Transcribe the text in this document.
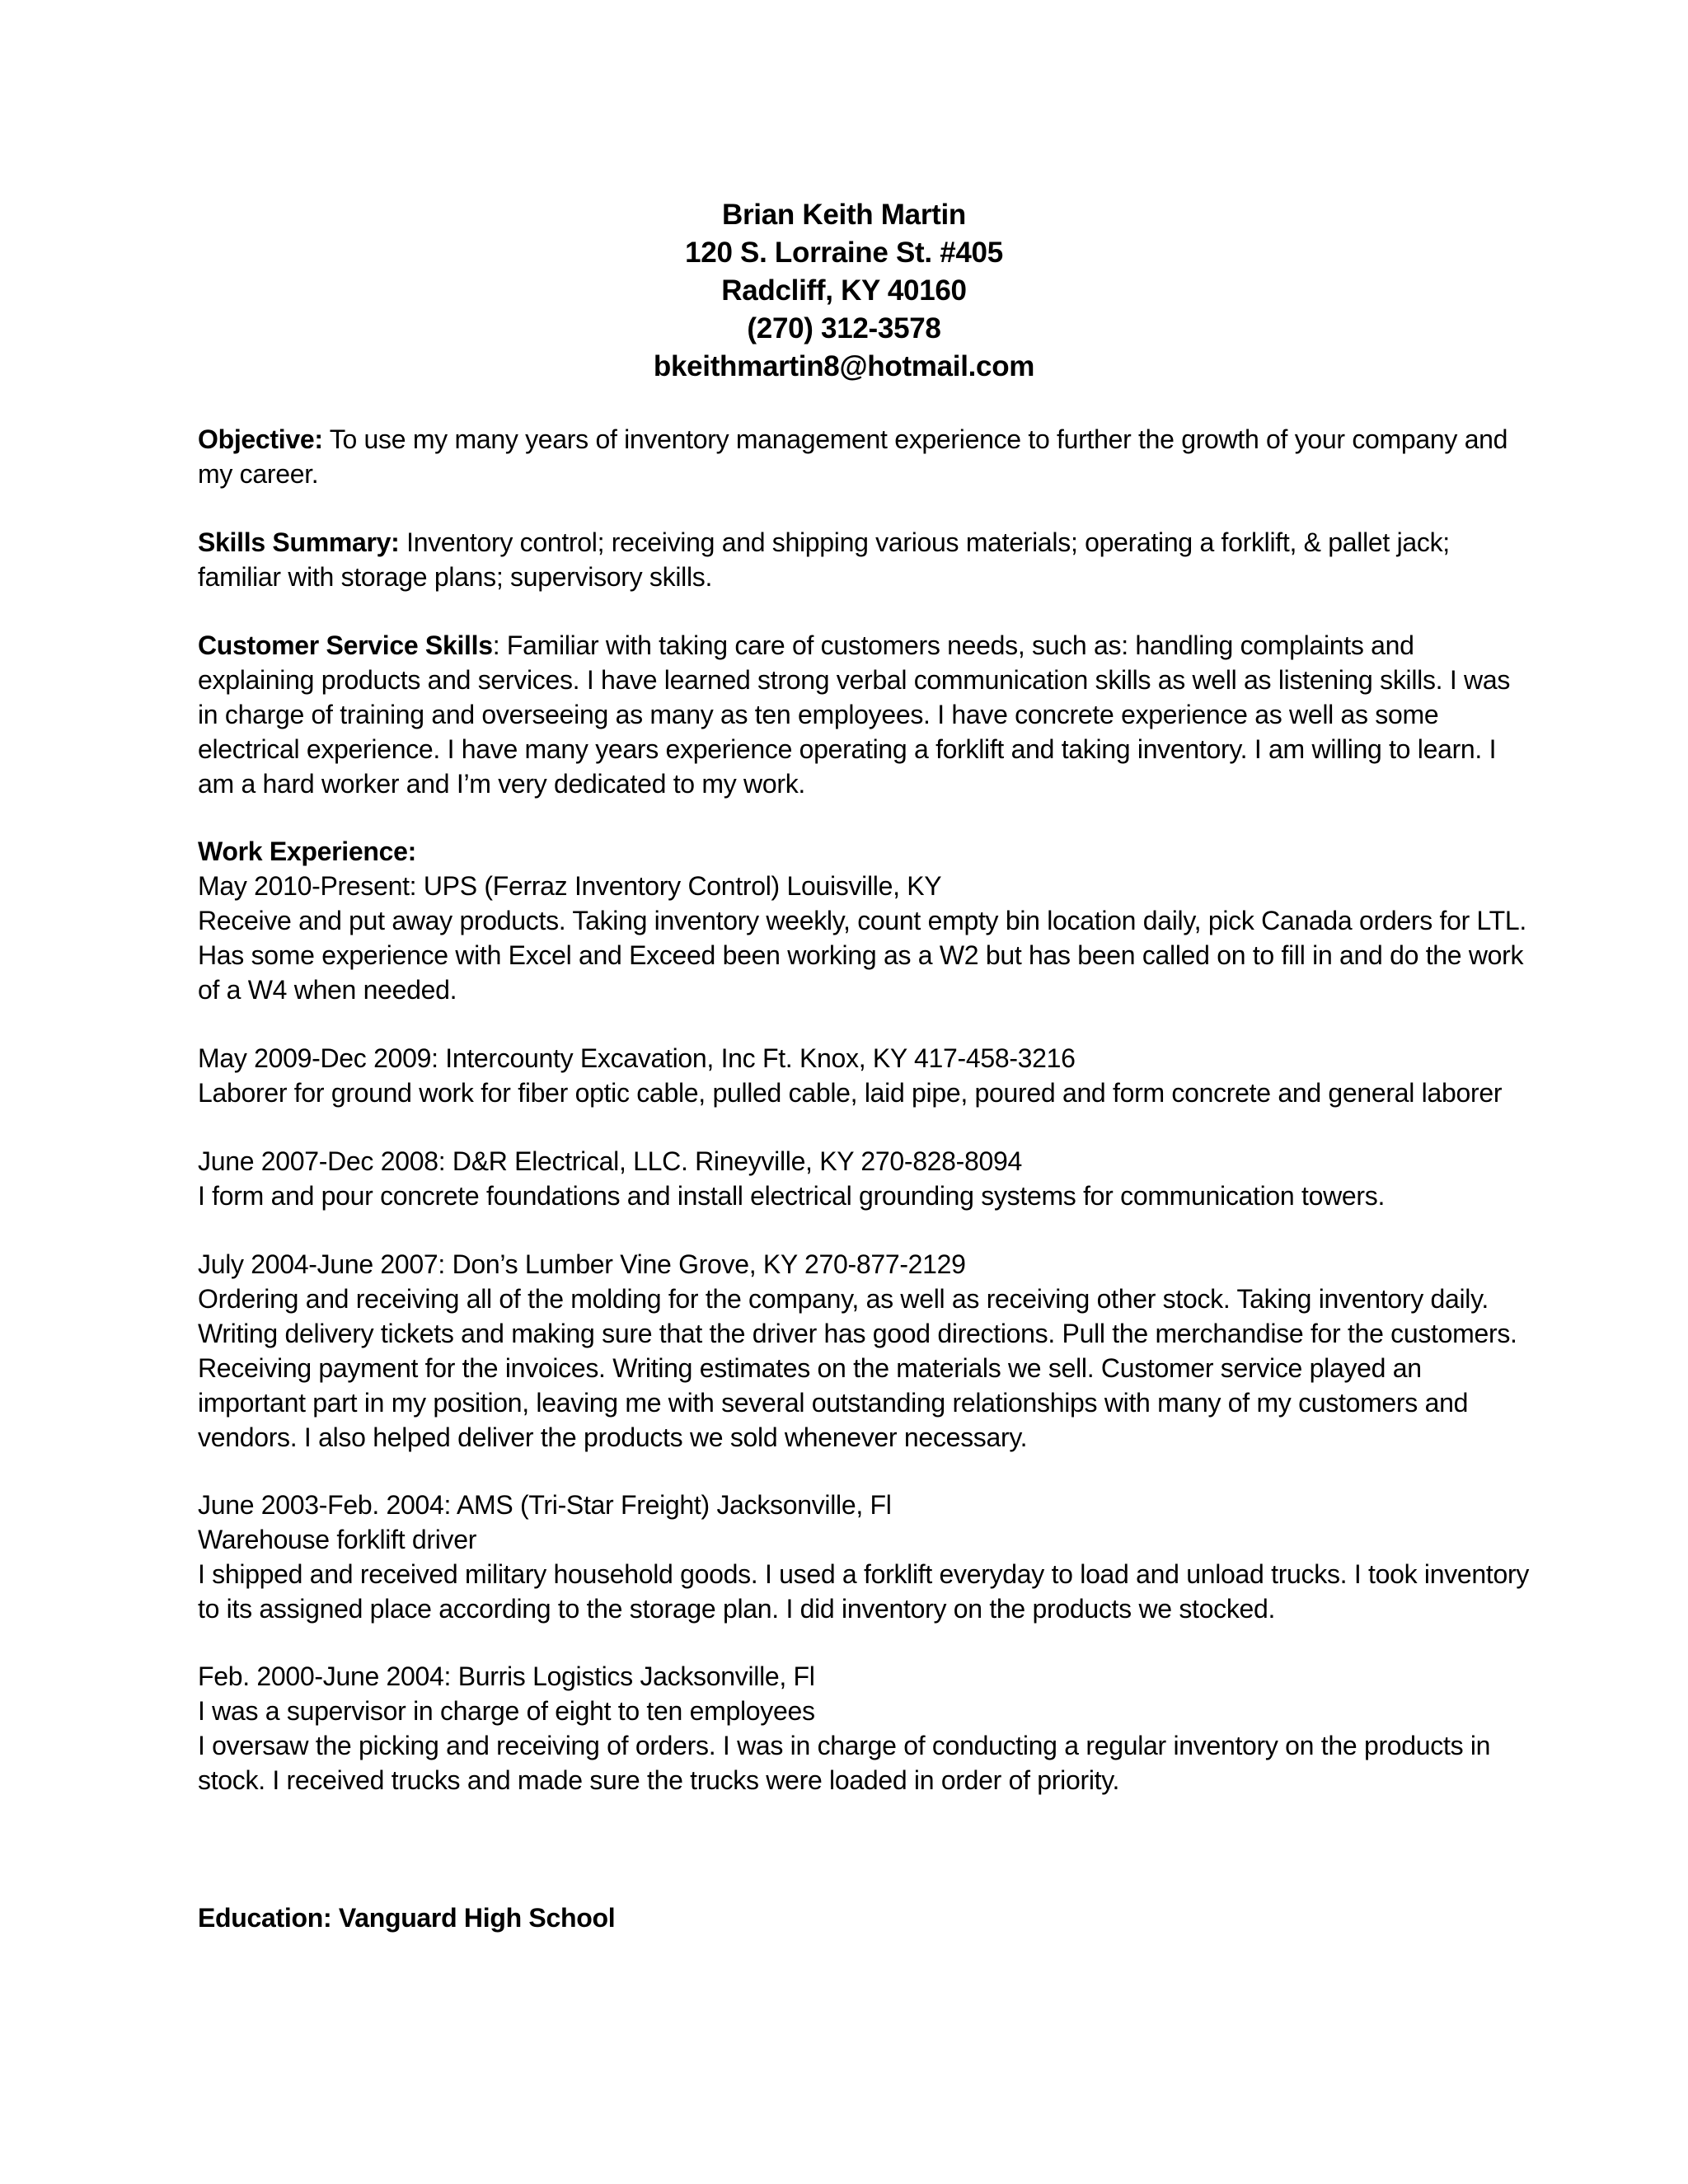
Brian Keith Martin
120 S. Lorraine St. #405
Radcliff, KY 40160
(270) 312-3578
bkeithmartin8@hotmail.com
Objective: To use my many years of inventory management experience to further the growth of your company and
my career.
Skills Summary: Inventory control; receiving and shipping various materials; operating a forklift, & pallet jack;
familiar with storage plans; supervisory skills.
Customer Service Skills: Familiar with taking care of customers needs, such as: handling complaints and
explaining products and services. I have learned strong verbal communication skills as well as listening skills. I was
in charge of training and overseeing as many as ten employees. I have concrete experience as well as some
electrical experience. I have many years experience operating a forklift and taking inventory. I am willing to learn. I
am a hard worker and I’m very dedicated to my work.
Work Experience:
May 2010-Present: UPS (Ferraz Inventory Control) Louisville, KY
Receive and put away products. Taking inventory weekly, count empty bin location daily, pick Canada orders for LTL.
Has some experience with Excel and Exceed been working as a W2 but has been called on to fill in and do the work
of a W4 when needed.
May 2009-Dec 2009: Intercounty Excavation, Inc Ft. Knox, KY 417-458-3216
Laborer for ground work for fiber optic cable, pulled cable, laid pipe, poured and form concrete and general laborer
June 2007-Dec 2008: D&R Electrical, LLC. Rineyville, KY 270-828-8094
I form and pour concrete foundations and install electrical grounding systems for communication towers.
July 2004-June 2007: Don’s Lumber Vine Grove, KY 270-877-2129
Ordering and receiving all of the molding for the company, as well as receiving other stock. Taking inventory daily.
Writing delivery tickets and making sure that the driver has good directions. Pull the merchandise for the customers.
Receiving payment for the invoices. Writing estimates on the materials we sell. Customer service played an
important part in my position, leaving me with several outstanding relationships with many of my customers and
vendors. I also helped deliver the products we sold whenever necessary.
June 2003-Feb. 2004: AMS (Tri-Star Freight) Jacksonville, Fl
Warehouse forklift driver
I shipped and received military household goods. I used a forklift everyday to load and unload trucks. I took inventory
to its assigned place according to the storage plan. I did inventory on the products we stocked.
Feb. 2000-June 2004: Burris Logistics Jacksonville, Fl
I was a supervisor in charge of eight to ten employees
I oversaw the picking and receiving of orders. I was in charge of conducting a regular inventory on the products in
stock. I received trucks and made sure the trucks were loaded in order of priority.
Education: Vanguard High School
